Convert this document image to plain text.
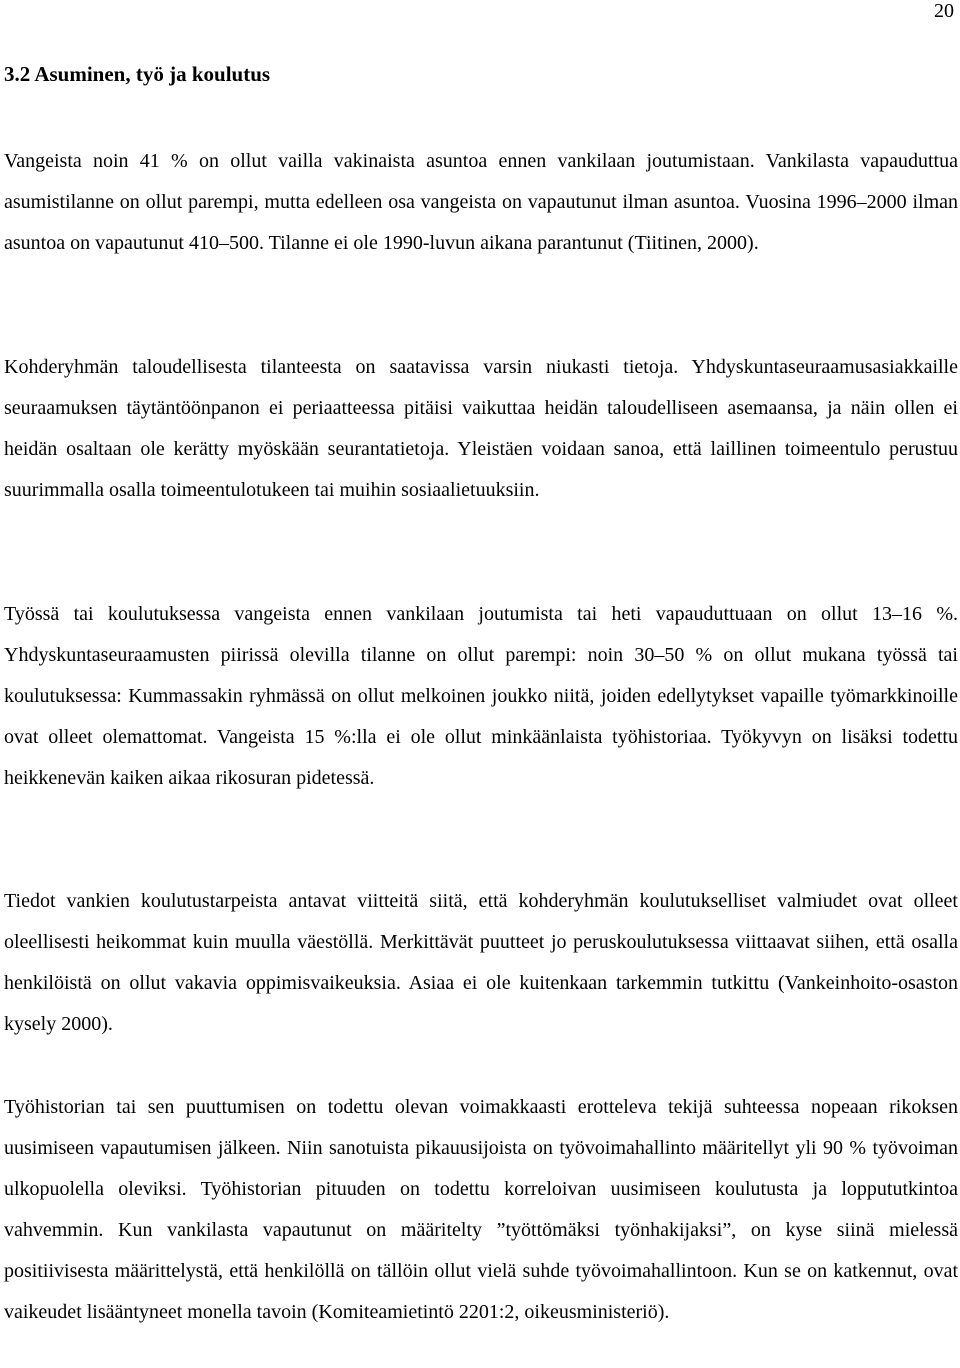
20
3.2 Asuminen, työ ja koulutus

Vangeista noin 41 % on ollut vailla vakinaista asuntoa ennen vankilaan joutumistaan. Vankilasta vapauduttua asumistilanne on ollut parempi, mutta edelleen osa vangeista on vapautunut ilman asuntoa. Vuosina 1996–2000 ilman asuntoa on vapautunut 410–500. Tilanne ei ole 1990-luvun aikana parantunut (Tiitinen, 2000).

Kohderyhmän taloudellisesta tilanteesta on saatavissa varsin niukasti tietoja. Yhdyskuntaseuraamusasiakkaille seuraamuksen täytäntöönpanon ei periaatteessa pitäisi vaikuttaa heidän taloudelliseen asemaansa, ja näin ollen ei heidän osaltaan ole kerätty myöskään seurantatietoja. Yleistäen voidaan sanoa, että laillinen toimeentulo perustuu suurimmalla osalla toimeentulotukeen tai muihin sosiaalietuuksiin.

Työssä tai koulutuksessa vangeista ennen vankilaan joutumista tai heti vapauduttuaan on ollut 13–16 %. Yhdyskuntaseuraamusten piirissä olevilla tilanne on ollut parempi: noin 30–50 % on ollut mukana työssä tai koulutuksessa: Kummassakin ryhmässä on ollut melkoinen joukko niitä, joiden edellytykset vapaille työmarkkinoille ovat olleet olemattomat. Vangeista 15 %:lla ei ole ollut minkäänlaista työhistoriaa. Työkyvyn on lisäksi todettu heikkenevän kaiken aikaa rikosuran pidetessä.

Tiedot vankien koulutustarpeista antavat viitteitä siitä, että kohderyhmän koulutukselliset valmiudet ovat olleet oleellisesti heikommat kuin muulla väestöllä. Merkittävät puutteet jo peruskoulutuksessa viittaavat siihen, että osalla henkilöistä on ollut vakavia oppimisvaikeuksia. Asiaa ei ole kuitenkaan tarkemmin tutkittu (Vankeinhoito-osaston kysely 2000).

Työhistorian tai sen puuttumisen on todettu olevan voimakkaasti erotteleva tekijä suhteessa nopeaan rikoksen uusimiseen vapautumisen jälkeen. Niin sanotuista pikauusijoista on työvoimahallinto määritellyt yli 90 % työvoiman ulkopuolella oleviksi. Työhistorian pituuden on todettu korreloivan uusimiseen koulutusta ja loppututkintoa vahvemmin. Kun vankilasta vapautunut on määritelty ”työttömäksi työnhakijaksi”, on kyse siinä mielessä positiivisesta määrittelystä, että henkilöllä on tällöin ollut vielä suhde työvoimahallintoon. Kun se on katkennut, ovat vaikeudet lisääntyneet monella tavoin (Komiteamietintö 2201:2, oikeusministeriö).
